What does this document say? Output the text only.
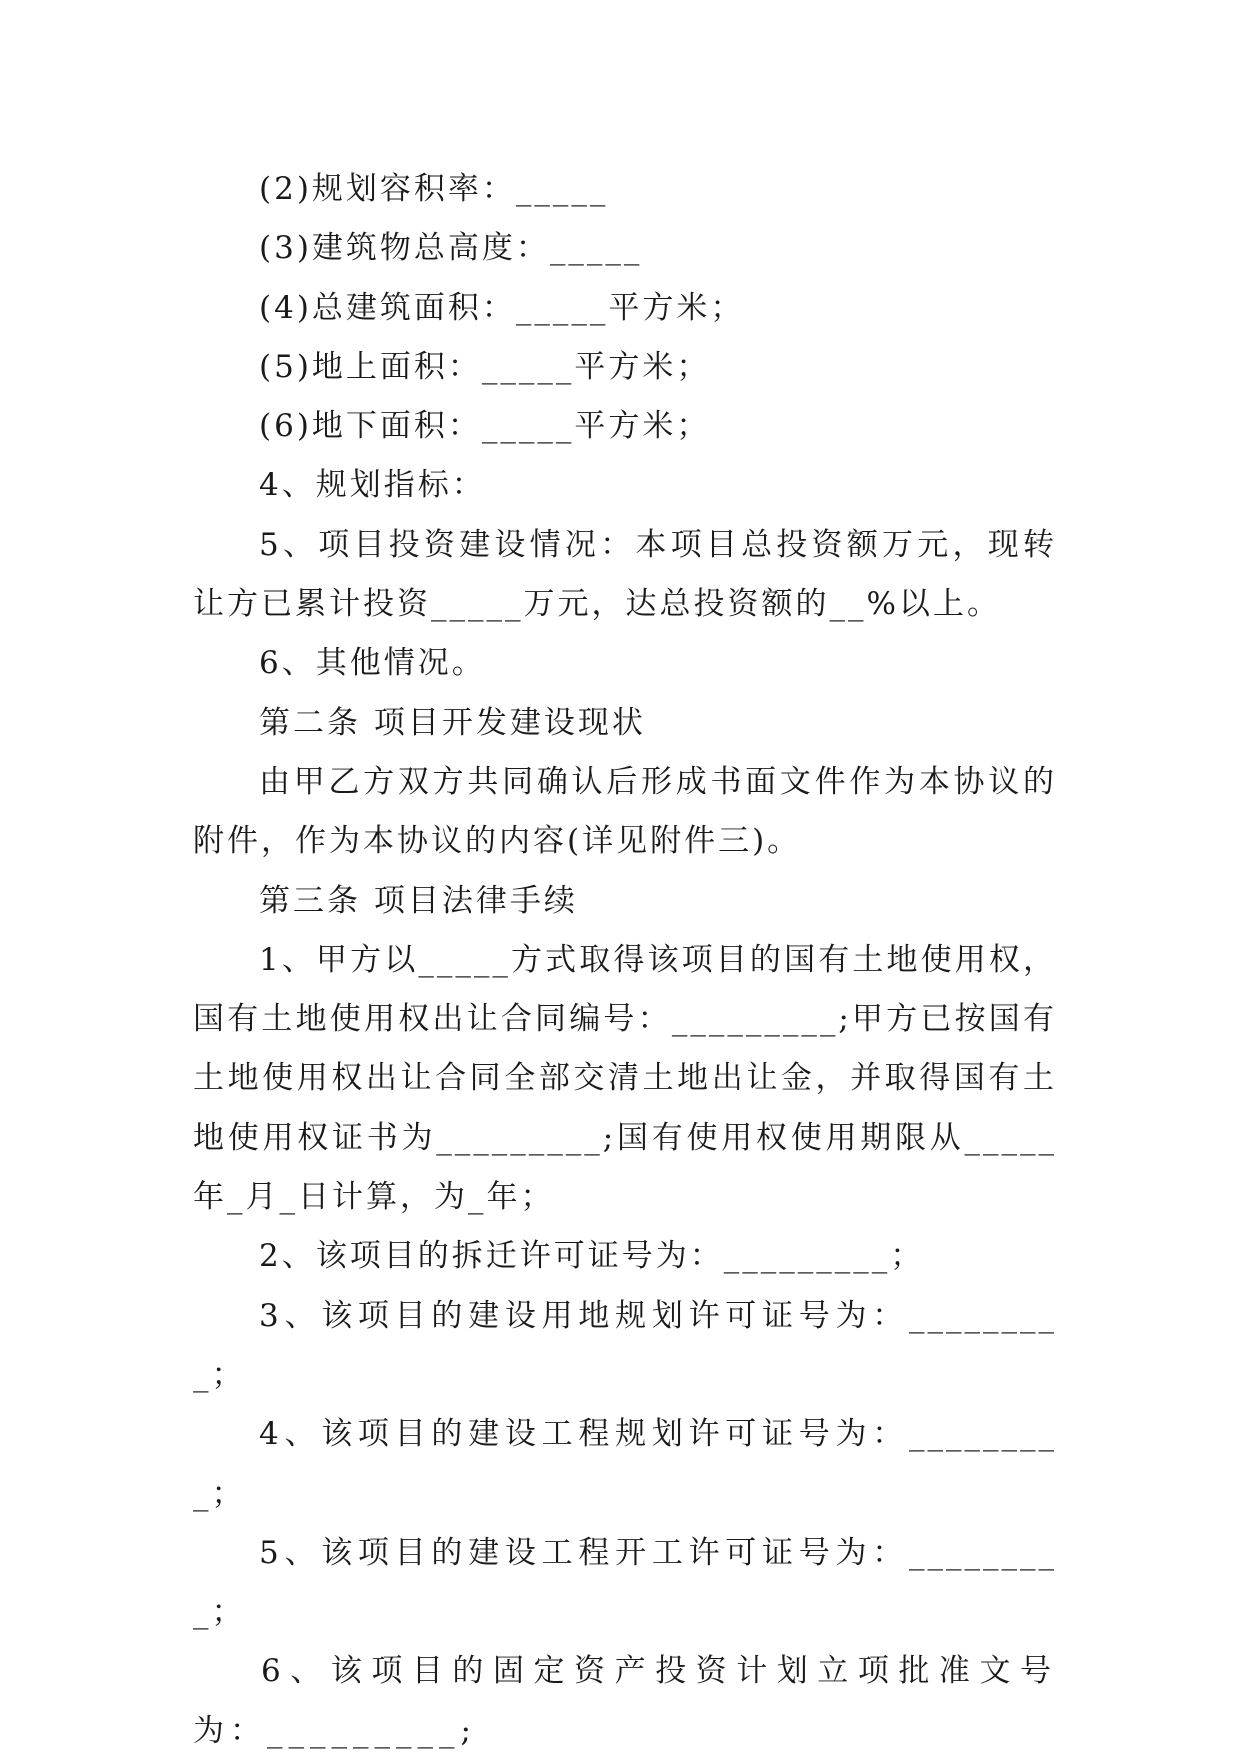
(2)规划容积率：_____

(3)建筑物总高度：_____

(4)总建筑面积：_____平方米；

(5)地上面积：_____平方米；

(6)地下面积：_____平方米；

4、规划指标：

5、项目投资建设情况：本项目总投资额万元，现转让方已累计投资_____万元，达总投资额的__%以上。

6、其他情况。

第二条 项目开发建设现状

由甲乙方双方共同确认后形成书面文件作为本协议的附件，作为本协议的内容(详见附件三)。

第三条 项目法律手续

1、甲方以_____方式取得该项目的国有土地使用权，国有土地使用权出让合同编号：_________;甲方已按国有土地使用权出让合同全部交清土地出让金，并取得国有土地使用权证书为_________;国有使用权使用期限从_____年_月_日计算，为_年；

2、该项目的拆迁许可证号为：_________；

3、该项目的建设用地规划许可证号为：_________；

4、该项目的建设工程规划许可证号为：_________；

5、该项目的建设工程开工许可证号为：_________；

6、该项目的固定资产投资计划立项批准文号为：_________;
